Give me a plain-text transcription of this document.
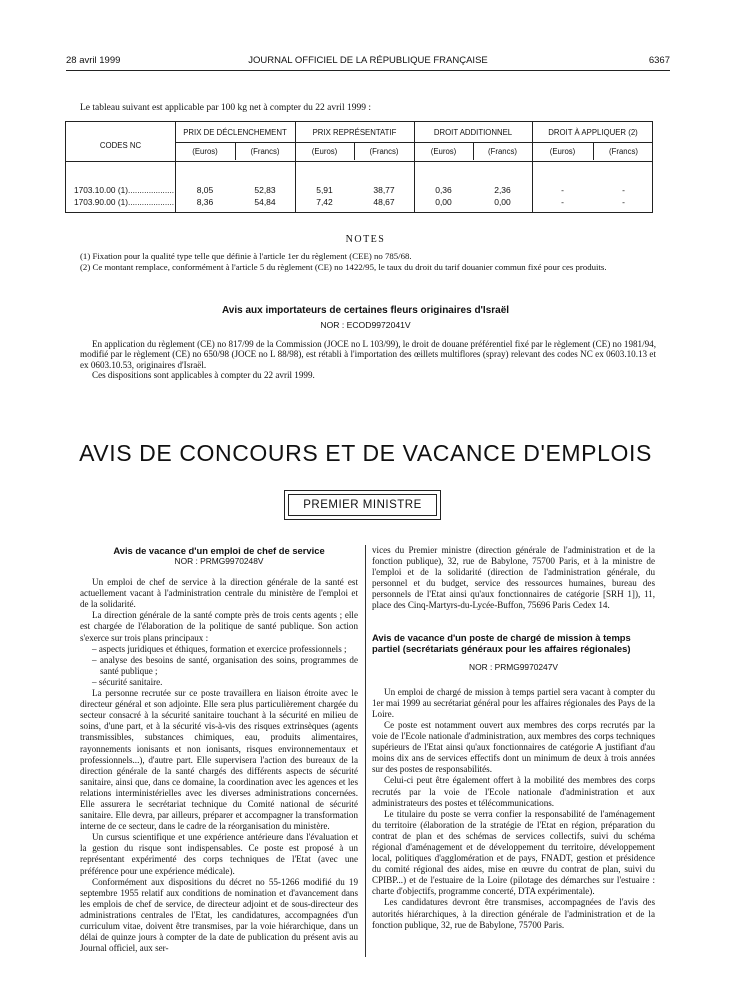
28 avril 1999	JOURNAL OFFICIEL DE LA RÉPUBLIQUE FRANÇAISE	6367
Le tableau suivant est applicable par 100 kg net à compter du 22 avril 1999 :
CODES NC
PRIX DE DÉCLENCHEMENT	PRIX REPRÉSENTATIF	DROIT ADDITIONNEL	DROIT À APPLIQUER (2)
(Euros)	(Francs)	(Euros)	(Francs)	(Euros)	(Francs)	(Euros)	(Francs)
1703.10.00 (1)....................	8,05	52,83	5,91	38,77	0,36	2,36	-	-
1703.90.00 (1)....................	8,36	54,84	7,42	48,67	0,00	0,00	-	-
NOTES
(1) Fixation pour la qualité type telle que définie à l'article 1er du règlement (CEE) no 785/68.
(2) Ce montant remplace, conformément à l'article 5 du règlement (CE) no 1422/95, le taux du droit du tarif douanier commun fixé pour ces produits.
Avis aux importateurs de certaines fleurs originaires d'Israël
NOR : ECOD9972041V

En application du règlement (CE) no 817/99 de la Commission (JOCE no L 103/99), le droit de douane préférentiel fixé par le règlement (CE) no 1981/94, modifié par le règlement (CE) no 650/98 (JOCE no L 88/98), est rétabli à l'importation des œillets multiflores (spray) relevant des codes NC ex 0603.10.13 et ex 0603.10.53, originaires d'Israël.

Ces dispositions sont applicables à compter du 22 avril 1999.

AVIS DE CONCOURS ET DE VACANCE D'EMPLOIS
PREMIER MINISTRE

Avis de vacance d'un emploi de chef de service

NOR : PRMG9970248V

Un emploi de chef de service à la direction générale de la santé est actuellement vacant à l'administration centrale du ministère de l'emploi et de la solidarité.

La direction générale de la santé compte près de trois cents agents ; elle est chargée de l'élaboration de la politique de santé publique. Son action s'exerce sur trois plans principaux :

– aspects juridiques et éthiques, formation et exercice professionnels ;
– analyse des besoins de santé, organisation des soins, programmes de santé publique ;
– sécurité sanitaire.

La personne recrutée sur ce poste travaillera en liaison étroite avec le directeur général et son adjointe. Elle sera plus particulièrement chargée du secteur consacré à la sécurité sanitaire touchant à la sécurité en milieu de soins, d'une part, et à la sécurité vis-à-vis des risques extrinsèques (agents transmissibles, substances chimiques, eau, produits alimentaires, rayonnements ionisants et non ionisants, risques environnementaux et professionnels...), d'autre part. Elle supervisera l'action des bureaux de la direction générale de la santé chargés des différents aspects de sécurité sanitaire, ainsi que, dans ce domaine, la coordination avec les agences et les relations interministérielles avec les diverses administrations concernées. Elle assurera le secrétariat technique du Comité national de sécurité sanitaire. Elle devra, par ailleurs, préparer et accompagner la transformation interne de ce secteur, dans le cadre de la réorganisation du ministère.

Un cursus scientifique et une expérience antérieure dans l'évaluation et la gestion du risque sont indispensables. Ce poste est proposé à un représentant expérimenté des corps techniques de l'Etat (avec une préférence pour une expérience médicale).

Conformément aux dispositions du décret no 55-1266 modifié du 19 septembre 1955 relatif aux conditions de nomination et d'avancement dans les emplois de chef de service, de directeur adjoint et de sous-directeur des administrations centrales de l'Etat, les candidatures, accompagnées d'un curriculum vitae, doivent être transmises, par la voie hiérarchique, dans un délai de quinze jours à compter de la date de publication du présent avis au Journal officiel, aux ser-

vices du Premier ministre (direction générale de l'administration et de la fonction publique), 32, rue de Babylone, 75700 Paris, et à la ministre de l'emploi et de la solidarité (direction de l'administration générale, du personnel et du budget, service des ressources humaines, bureau des personnels de l'Etat ainsi qu'aux fonctionnaires de catégorie [SRH 1]), 11, place des Cinq-Martyrs-du-Lycée-Buffon, 75696 Paris Cedex 14.

Avis de vacance d'un poste de chargé de mission à temps partiel (secrétariats généraux pour les affaires régionales)

NOR : PRMG9970247V

Un emploi de chargé de mission à temps partiel sera vacant à compter du 1er mai 1999 au secrétariat général pour les affaires régionales des Pays de la Loire.

Ce poste est notamment ouvert aux membres des corps recrutés par la voie de l'Ecole nationale d'administration, aux membres des corps techniques supérieurs de l'Etat ainsi qu'aux fonctionnaires de catégorie A justifiant d'au moins dix ans de services effectifs dont un minimum de deux à trois années sur des postes de responsabilités.

Celui-ci peut être également offert à la mobilité des membres des corps recrutés par la voie de l'Ecole nationale d'administration et aux administrateurs des postes et télécommunications.

Le titulaire du poste se verra confier la responsabilité de l'aménagement du territoire (élaboration de la stratégie de l'Etat en région, préparation du contrat de plan et des schémas de services collectifs, suivi du schéma régional d'aménagement et de développement du territoire, développement local, politiques d'agglomération et de pays, FNADT, gestion et présidence du comité régional des aides, mise en œuvre du contrat de plan, suivi du CPIBP...) et de l'estuaire de la Loire (pilotage des démarches sur l'estuaire : charte d'objectifs, programme concerté, DTA expérimentale).

Les candidatures devront être transmises, accompagnées de l'avis des autorités hiérarchiques, à la direction générale de l'administration et de la fonction publique, 32, rue de Babylone, 75700 Paris.
